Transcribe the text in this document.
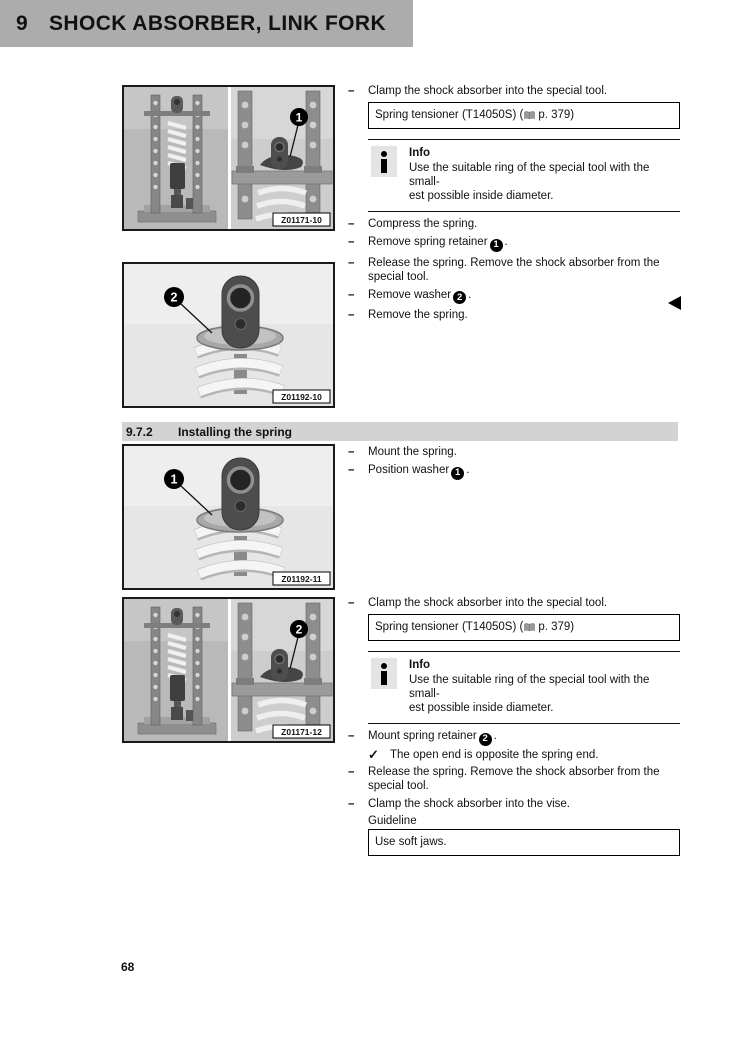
9 SHOCK ABSORBER, LINK FORK
1
Z01171-10
2
Z01192-10
1
Z01192-11
2
Z01171-12
–	Clamp the shock absorber into the special tool.
Spring tensioner (T14050S) ( p. 379)
Info
Use the suitable ring of the special tool with the small-
est possible inside diameter.
–	Compress the spring.
–	Remove spring retainer 1 .
–	Release the spring. Remove the shock absorber from the special tool.
–	Remove washer 2 .
–	Remove the spring.
9.7.2	Installing the spring
–	Mount the spring.
–	Position washer 1 .
–	Clamp the shock absorber into the special tool.
Spring tensioner (T14050S) ( p. 379)
Info
Use the suitable ring of the special tool with the small-
est possible inside diameter.
–	Mount spring retainer 2 .
✓ The open end is opposite the spring end.
–	Release the spring. Remove the shock absorber from the special tool.
–	Clamp the shock absorber into the vise.
Guideline
Use soft jaws.
68
